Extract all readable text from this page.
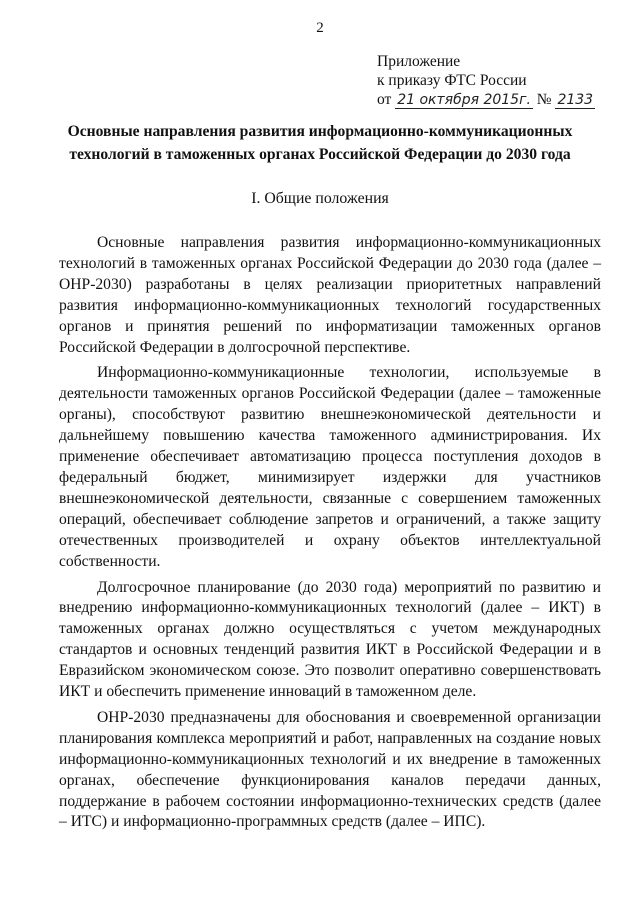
2
Приложение
к приказу ФТС России
от 21 октября 2015г. № 2133
Основные направления развития информационно-коммуникационных технологий в таможенных органах Российской Федерации до 2030 года
I. Общие положения

Основные направления развития информационно-коммуникационных технологий в таможенных органах Российской Федерации до 2030 года (далее – ОНР-2030) разработаны в целях реализации приоритетных направлений развития информационно-коммуникационных технологий государственных органов и принятия решений по информатизации таможенных органов Российской Федерации в долгосрочной перспективе.

Информационно-коммуникационные технологии, используемые в деятельности таможенных органов Российской Федерации (далее – таможенные органы), способствуют развитию внешнеэкономической деятельности и дальнейшему повышению качества таможенного администрирования. Их применение обеспечивает автоматизацию процесса поступления доходов в федеральный бюджет, минимизирует издержки для участников внешнеэкономической деятельности, связанные с совершением таможенных операций, обеспечивает соблюдение запретов и ограничений, а также защиту отечественных производителей и охрану объектов интеллектуальной собственности.

Долгосрочное планирование (до 2030 года) мероприятий по развитию и внедрению информационно-коммуникационных технологий (далее – ИКТ) в таможенных органах должно осуществляться с учетом международных стандартов и основных тенденций развития ИКТ в Российской Федерации и в Евразийском экономическом союзе. Это позволит оперативно совершенствовать ИКТ и обеспечить применение инноваций в таможенном деле.

ОНР-2030 предназначены для обоснования и своевременной организации планирования комплекса мероприятий и работ, направленных на создание новых информационно-коммуникационных технологий и их внедрение в таможенных органах, обеспечение функционирования каналов передачи данных, поддержание в рабочем состоянии информационно-технических средств (далее – ИТС) и информационно-программных средств (далее – ИПС).
